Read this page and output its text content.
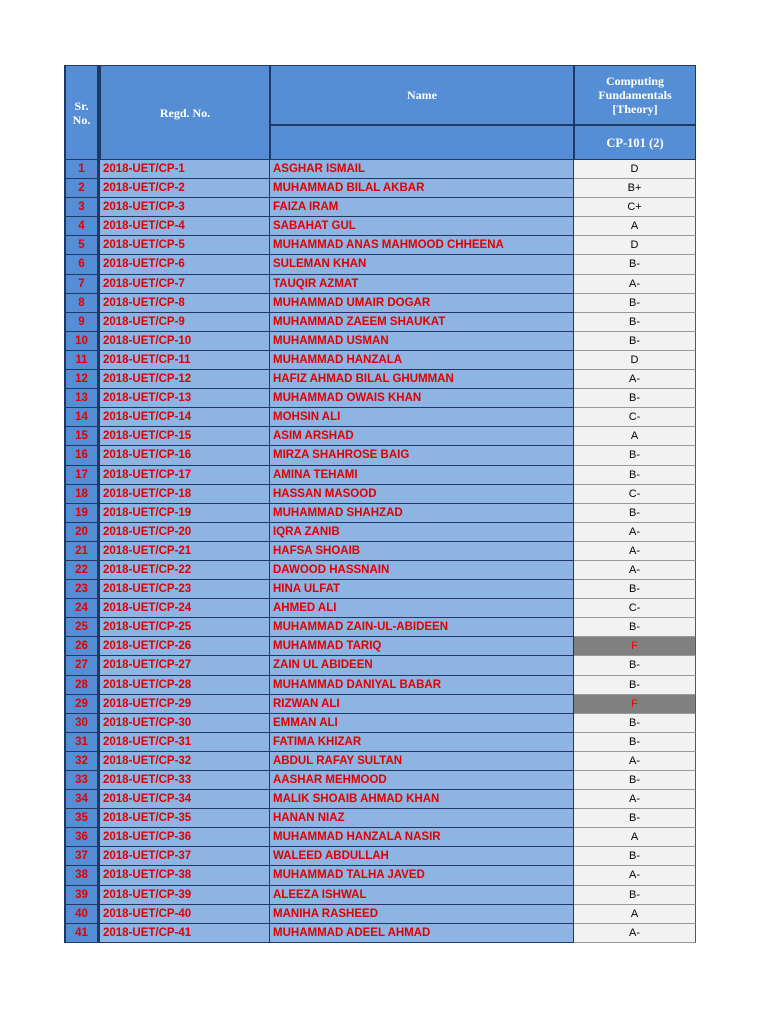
Sr. No.	Regd. No.
Name
Computing Fundamentals [Theory]
CP-101 (2)
1	2018-UET/CP-1	ASGHAR ISMAIL	D
2	2018-UET/CP-2	MUHAMMAD BILAL AKBAR	B+
3	2018-UET/CP-3	FAIZA IRAM	C+
4	2018-UET/CP-4	SABAHAT GUL	A
5	2018-UET/CP-5	MUHAMMAD ANAS MAHMOOD CHHEENA	D
6	2018-UET/CP-6	SULEMAN KHAN	B-
7	2018-UET/CP-7	TAUQIR AZMAT	A-
8	2018-UET/CP-8	MUHAMMAD UMAIR DOGAR	B-
9	2018-UET/CP-9	MUHAMMAD ZAEEM SHAUKAT	B-
10	2018-UET/CP-10	MUHAMMAD USMAN	B-
11	2018-UET/CP-11	MUHAMMAD HANZALA	D
12	2018-UET/CP-12	HAFIZ AHMAD BILAL GHUMMAN	A-
13	2018-UET/CP-13	MUHAMMAD OWAIS KHAN	B-
14	2018-UET/CP-14	MOHSIN ALI	C-
15	2018-UET/CP-15	ASIM ARSHAD	A
16	2018-UET/CP-16	MIRZA SHAHROSE BAIG	B-
17	2018-UET/CP-17	AMINA TEHAMI	B-
18	2018-UET/CP-18	HASSAN MASOOD	C-
19	2018-UET/CP-19	MUHAMMAD SHAHZAD	B-
20	2018-UET/CP-20	IQRA ZANIB	A-
21	2018-UET/CP-21	HAFSA SHOAIB	A-
22	2018-UET/CP-22	DAWOOD HASSNAIN	A-
23	2018-UET/CP-23	HINA ULFAT	B-
24	2018-UET/CP-24	AHMED ALI	C-
25	2018-UET/CP-25	MUHAMMAD ZAIN-UL-ABIDEEN	B-
26	2018-UET/CP-26	MUHAMMAD TARIQ	F
27	2018-UET/CP-27	ZAIN UL ABIDEEN	B-
28	2018-UET/CP-28	MUHAMMAD DANIYAL BABAR	B-
29	2018-UET/CP-29	RIZWAN ALI	F
30	2018-UET/CP-30	EMMAN ALI	B-
31	2018-UET/CP-31	FATIMA KHIZAR	B-
32	2018-UET/CP-32	ABDUL RAFAY SULTAN	A-
33	2018-UET/CP-33	AASHAR MEHMOOD	B-
34	2018-UET/CP-34	MALIK SHOAIB AHMAD KHAN	A-
35	2018-UET/CP-35	HANAN NIAZ	B-
36	2018-UET/CP-36	MUHAMMAD HANZALA NASIR	A
37	2018-UET/CP-37	WALEED ABDULLAH	B-
38	2018-UET/CP-38	MUHAMMAD TALHA JAVED	A-
39	2018-UET/CP-39	ALEEZA ISHWAL	B-
40	2018-UET/CP-40	MANIHA RASHEED	A
41	2018-UET/CP-41	MUHAMMAD ADEEL AHMAD	A-
